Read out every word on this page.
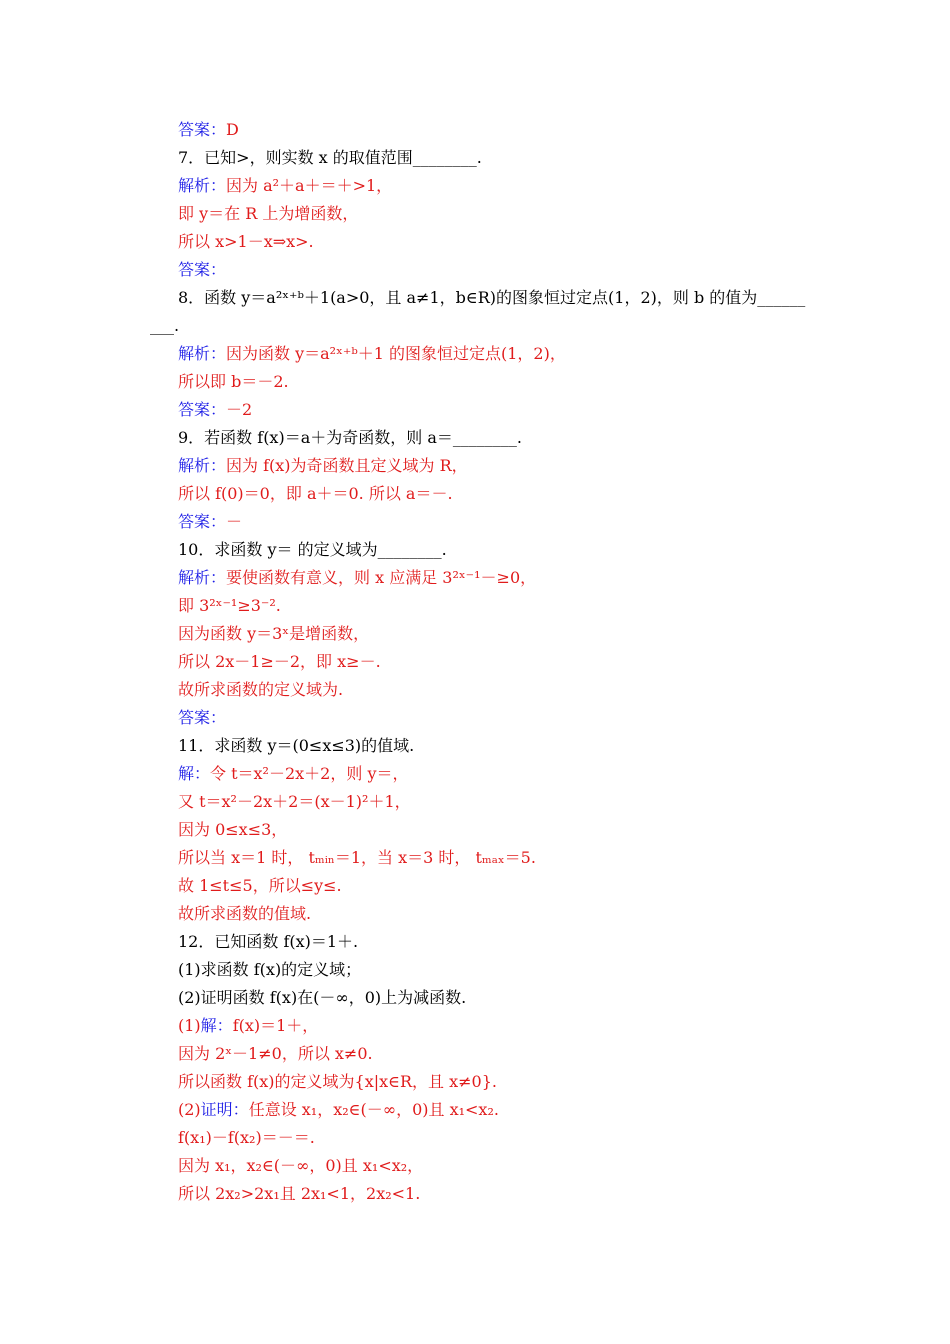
答案：D
7．已知>，则实数 x 的取值范围________.
解析：因为 a²＋a＋＝＋>1，
即 y＝在 R 上为增函数，
所以 x>1－x⇒x>.
答案：
8．函数 y＝a²ˣ⁺ᵇ＋1(a>0，且 a≠1，b∈R)的图象恒过定点(1，2)，则 b 的值为______
___.
解析：因为函数 y＝a²ˣ⁺ᵇ＋1 的图象恒过定点(1，2)，
所以即 b＝－2.
答案：－2
9．若函数 f(x)＝a＋为奇函数，则 a＝________.
解析：因为 f(x)为奇函数且定义域为 R，
所以 f(0)＝0，即 a＋＝0. 所以 a＝－.
答案：－
10．求函数 y＝ 的定义域为________.
解析：要使函数有意义，则 x 应满足 3²ˣ⁻¹－≥0，
即 3²ˣ⁻¹≥3⁻².
因为函数 y＝3ˣ是增函数，
所以 2x－1≥－2，即 x≥－.
故所求函数的定义域为.
答案：
11．求函数 y＝(0≤x≤3)的值域.
解：令 t＝x²－2x＋2，则 y＝，
又 t＝x²－2x＋2＝(x－1)²＋1，
因为 0≤x≤3，
所以当 x＝1 时， tₘᵢₙ＝1，当 x＝3 时， tₘₐₓ＝5.
故 1≤t≤5，所以≤y≤.
故所求函数的值域.
12．已知函数 f(x)＝1＋.
(1)求函数 f(x)的定义域；
(2)证明函数 f(x)在(－∞，0)上为减函数.
(1)解：f(x)＝1＋，
因为 2ˣ－1≠0，所以 x≠0.
所以函数 f(x)的定义域为{x|x∈R，且 x≠0}.
(2)证明：任意设 x₁，x₂∈(－∞，0)且 x₁<x₂.
f(x₁)－f(x₂)＝－＝.
因为 x₁，x₂∈(－∞，0)且 x₁<x₂，
所以 2x₂>2x₁且 2x₁<1，2x₂<1.
